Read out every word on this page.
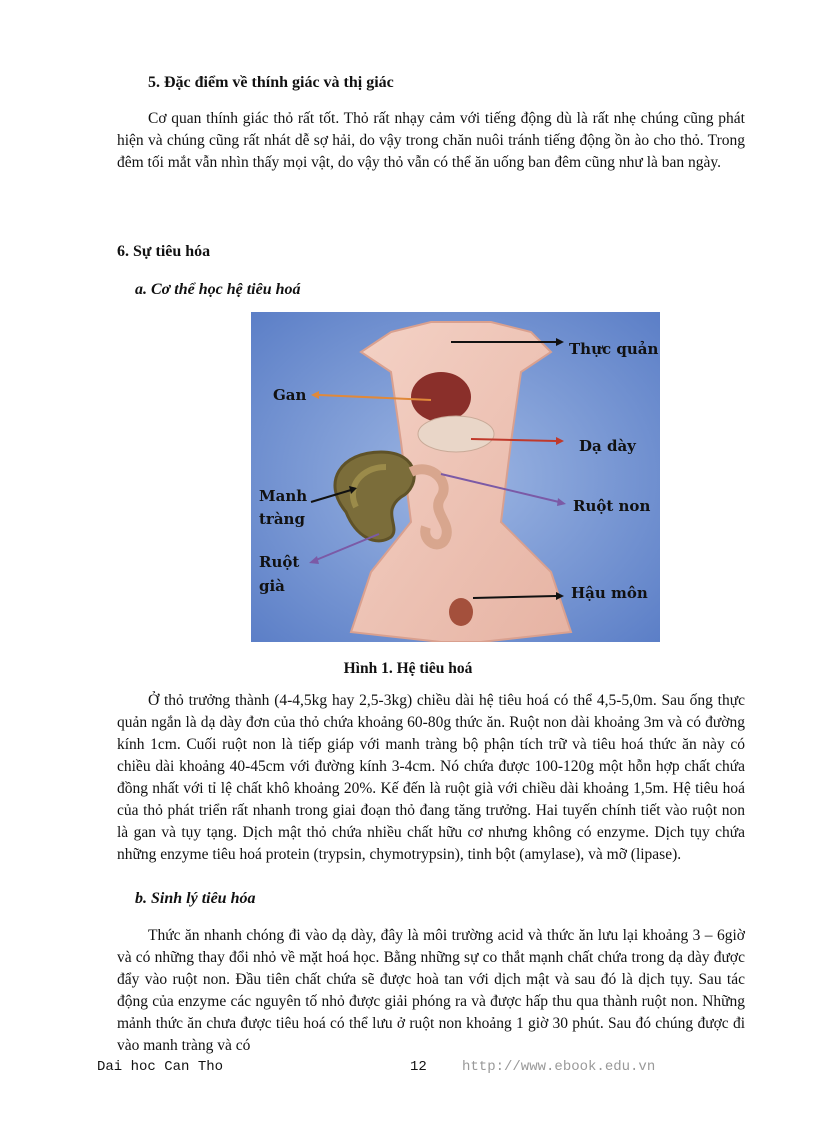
5. Đặc điểm về thính giác và thị giác

Cơ quan thính giác thỏ rất tốt. Thỏ rất nhạy cảm với tiếng động dù là rất nhẹ chúng cũng phát hiện và chúng cũng rất nhát dễ sợ hải, do vậy trong chăn nuôi tránh tiếng động ồn ào cho thỏ. Trong đêm tối mắt vẫn nhìn thấy mọi vật, do vậy thỏ vẫn có thể ăn uống ban đêm cũng như là ban ngày.

6. Sự tiêu hóa
a. Cơ thể học hệ tiêu hoá
Thực quản
Gan
Dạ dày
Manh
tràng
Ruột non
Ruột
già	Hậu môn
Hình 1. Hệ tiêu hoá

Ở thỏ trưởng thành (4-4,5kg hay 2,5-3kg) chiều dài hệ tiêu hoá có thể 4,5-5,0m. Sau ống thực quản ngắn là dạ dày đơn của thỏ chứa khoảng 60-80g thức ăn. Ruột non dài khoảng 3m và có đường kính 1cm. Cuối ruột non là tiếp giáp với manh tràng bộ phận tích trữ và tiêu hoá thức ăn này có chiều dài khoảng 40-45cm với đường kính 3-4cm. Nó chứa được 100-120g một hỗn hợp chất chứa đồng nhất với tỉ lệ chất khô khoảng 20%. Kế đến là ruột già với chiều dài khoảng 1,5m. Hệ tiêu hoá của thỏ phát triển rất nhanh trong giai đoạn thỏ đang tăng trưởng. Hai tuyến chính tiết vào ruột non là gan và tụy tạng. Dịch mật thỏ chứa nhiều chất hữu cơ nhưng không có enzyme. Dịch tụy chứa những enzyme tiêu hoá protein (trypsin, chymotrypsin), tinh bột (amylase), và mỡ (lipase).

b. Sinh lý tiêu hóa

Thức ăn nhanh chóng đi vào dạ dày, đây là môi trường acid và thức ăn lưu lại khoảng 3 – 6giờ và có những thay đổi nhỏ về mặt hoá học. Bằng những sự co thắt mạnh chất chứa trong dạ dày được đẩy vào ruột non. Đầu tiên chất chứa sẽ được hoà tan với dịch mật và sau đó là dịch tụy. Sau tác động của enzyme các nguyên tố nhỏ được giải phóng ra và được hấp thu qua thành ruột non. Những mảnh thức ăn chưa được tiêu hoá có thể lưu ở ruột non khoảng 1 giờ 30 phút. Sau đó chúng được đi vào manh tràng và có

Dai hoc Can Tho	12	http://www.ebook.edu.vn
